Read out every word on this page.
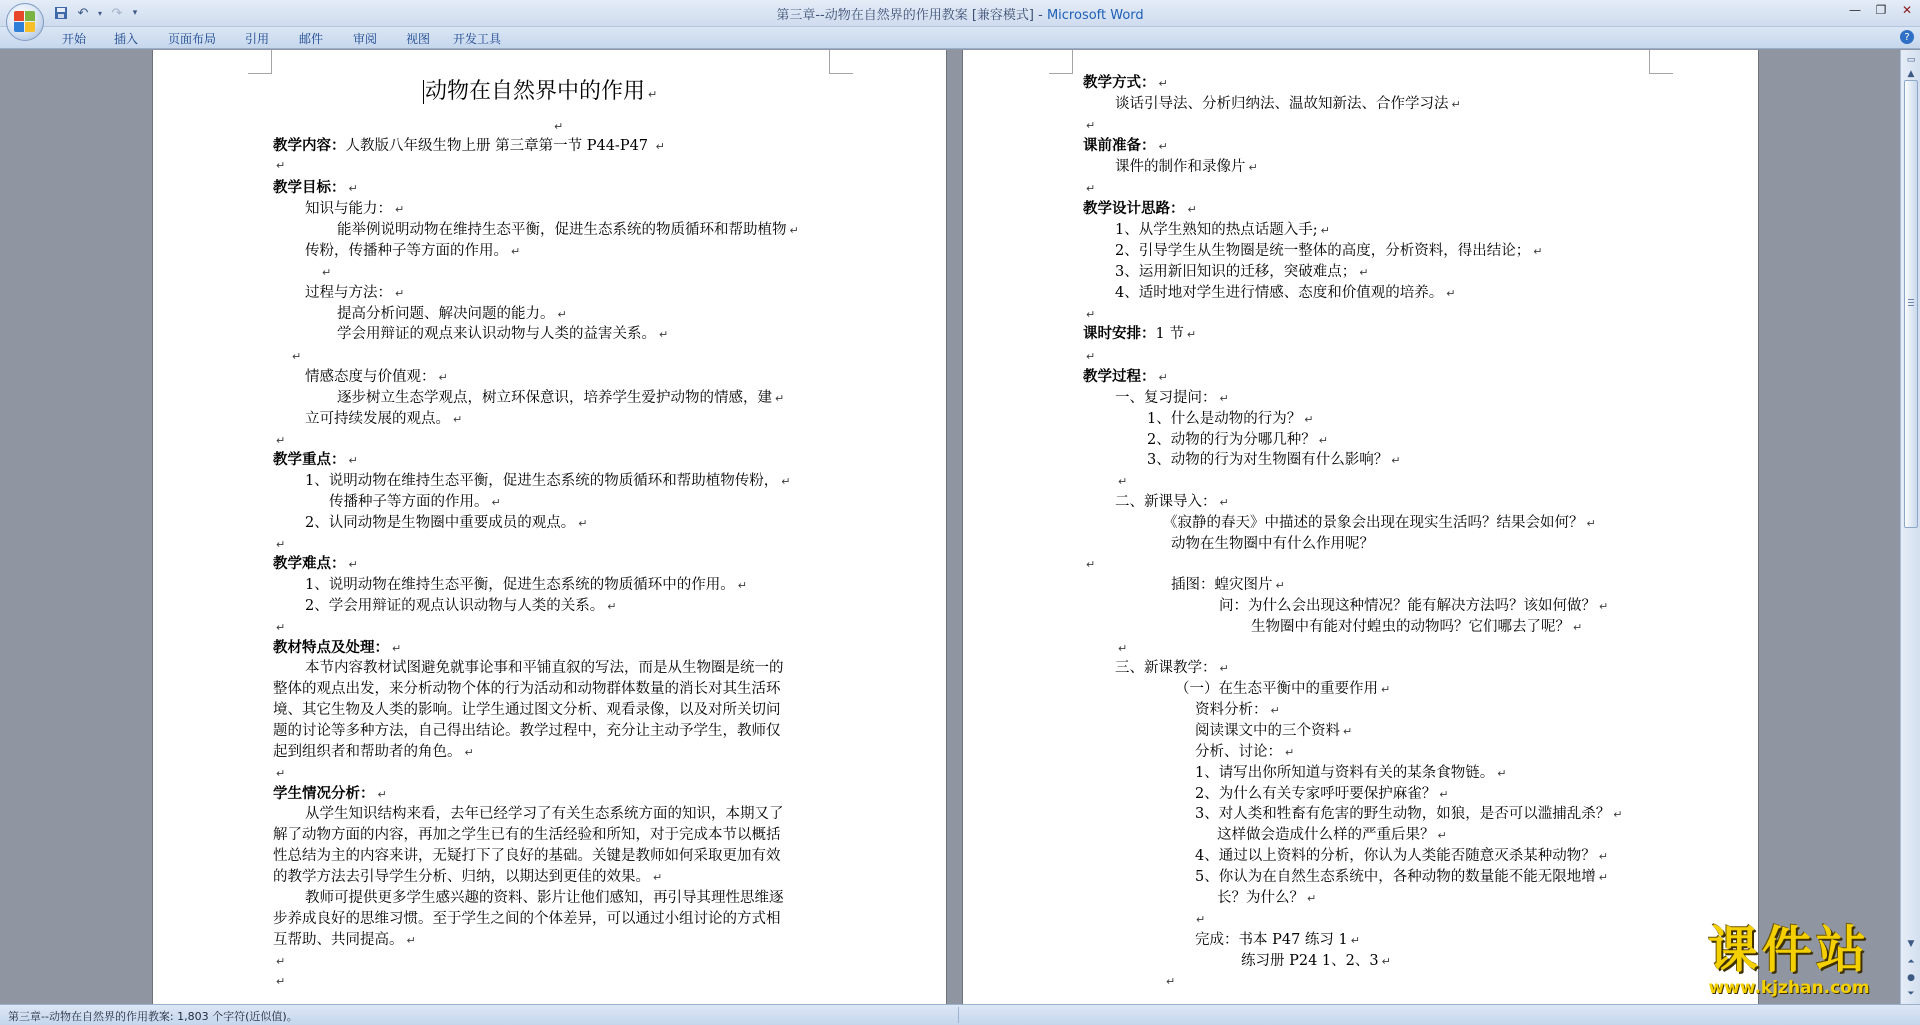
↶	▾ ↷	▾	第三章--动物在自然界的作用教案 [兼容模式] - Microsoft Word	—	❐	✕
开始	插入	页面布局	引用	邮件	审阅	视图	开发工具	?
动物在自然界中的作用 ↵
↵
教学内容：人教版八年级生物上册 第三章第一节 P44-P47 ↵
↵
教学目标： ↵
知识与能力： ↵
能举例说明动物在维持生态平衡，促进生态系统的物质循环和帮助植物 ↵
传粉，传播种子等方面的作用。 ↵
↵
过程与方法： ↵
提高分析问题、解决问题的能力。 ↵
学会用辩证的观点来认识动物与人类的益害关系。 ↵
↵
情感态度与价值观： ↵
逐步树立生态学观点，树立环保意识，培养学生爱护动物的情感，建 ↵
立可持续发展的观点。 ↵
↵
教学重点： ↵
1、说明动物在维持生态平衡，促进生态系统的物质循环和帮助植物传粉， ↵
传播种子等方面的作用。 ↵
2、认同动物是生物圈中重要成员的观点。 ↵
↵
教学难点： ↵
1、说明动物在维持生态平衡，促进生态系统的物质循环中的作用。 ↵
2、学会用辩证的观点认识动物与人类的关系。 ↵
↵
教材特点及处理： ↵
本节内容教材试图避免就事论事和平铺直叙的写法，而是从生物圈是统一的
整体的观点出发，来分析动物个体的行为活动和动物群体数量的消长对其生活环
境、其它生物及人类的影响。让学生通过图文分析、观看录像，以及对所关切问
题的讨论等多种方法，自己得出结论。教学过程中，充分让主动予学生，教师仅
起到组织者和帮助者的角色。 ↵
↵
学生情况分析： ↵
从学生知识结构来看，去年已经学习了有关生态系统方面的知识，本期又了
解了动物方面的内容，再加之学生已有的生活经验和所知，对于完成本节以概括
性总结为主的内容来讲，无疑打下了良好的基础。关键是教师如何采取更加有效
的教学方法去引导学生分析、归纳，以期达到更佳的效果。 ↵
教师可提供更多学生感兴趣的资料、影片让他们感知，再引导其理性思维逐
步养成良好的思维习惯。至于学生之间的个体差异，可以通过小组讨论的方式相
互帮助、共同提高。 ↵
↵
↵
教学方式： ↵
谈话引导法、分析归纳法、温故知新法、合作学习法 ↵
↵
课前准备： ↵
课件的制作和录像片 ↵
↵
教学设计思路： ↵
1、从学生熟知的热点话题入手; ↵
2、引导学生从生物圈是统一整体的高度，分析资料，得出结论； ↵
3、运用新旧知识的迁移，突破难点； ↵
4、适时地对学生进行情感、态度和价值观的培养。 ↵
↵
课时安排：1 节 ↵
↵
教学过程： ↵
一、复习提问： ↵
1、什么是动物的行为？ ↵
2、动物的行为分哪几种？ ↵
3、动物的行为对生物圈有什么影响？ ↵
↵
二、新课导入： ↵
《寂静的春天》中描述的景象会出现在现实生活吗？结果会如何？ ↵
动物在生物圈中有什么作用呢？
↵
插图：蝗灾图片 ↵
问：为什么会出现这种情况？能有解决方法吗？该如何做？ ↵
生物圈中有能对付蝗虫的动物吗？它们哪去了呢？ ↵
↵
三、新课教学： ↵
（一）在生态平衡中的重要作用 ↵
资料分析： ↵
阅读课文中的三个资料 ↵
分析、讨论： ↵
1、请写出你所知道与资料有关的某条食物链。 ↵
2、为什么有关专家呼吁要保护麻雀？ ↵
3、对人类和牲畜有危害的野生动物，如狼，是否可以滥捕乱杀？ ↵
这样做会造成什么样的严重后果？ ↵
4、通过以上资料的分析，你认为人类能否随意灭杀某种动物？ ↵
5、你认为在自然生态系统中，各种动物的数量能不能无限地增 ↵
长？为什么？ ↵
↵
完成：书本 P47 练习 1 ↵
练习册 P24 1、2、3 ↵
↵
▭
▲
▼
⏶
●
⏷
第三章--动物在自然界的作用教案: 1,803 个字符(近似值)。
课件站
www.kjzhan.com
